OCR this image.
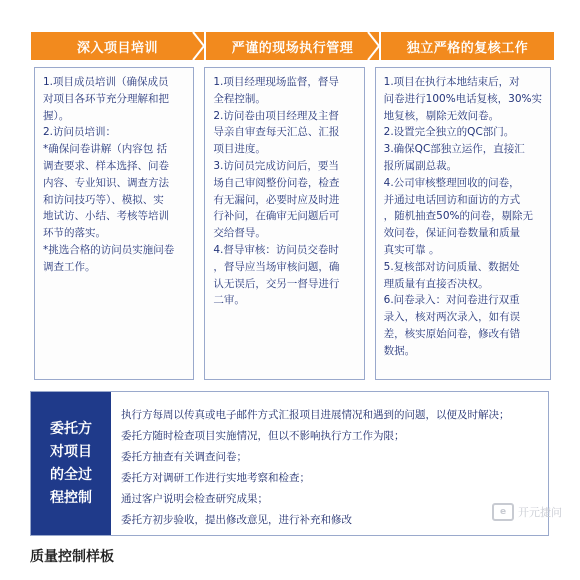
深入项目培训	严谨的现场执行管理	独立严格的复核工作
1.项目成员培训（确保成员
对项目各环节充分理解和把
握）。
2.访问员培训：
*确保问卷讲解（内容包 括
调查要求、样本选择、问卷
内容、专业知识、调查方法
和访问技巧等）、模拟、实
地试访、小结、考核等培训
环节的落实。
*挑选合格的访问员实施问卷
调查工作。
1.项目经理现场监督，督导
全程控制。
2.访问卷由项目经理及主督
导亲自审查每天汇总、汇报
项目进度。
3.访问员完成访问后，要当
场自己审阅整份问卷，检查
有无漏问，必要时应及时进
行补问，在确审无问题后可
交给督导。
4.督导审核：访问员交卷时
，督导应当场审核问题，确
认无误后，交另一督导进行
二审。
1.项目在执行本地结束后，对
问卷进行100%电话复核，30%实
地复核，剔除无效问卷。
2.设置完全独立的QC部门。
3.确保QC部独立运作，直接汇
报所属副总裁。
4.公司审核整理回收的问卷，
并通过电话回访和面访的方式
，随机抽查50%的问卷，剔除无
效问卷，保证问卷数量和质量
真实可靠 。
5.复核部对访问质量、数据处
理质量有直接否决权。
6.问卷录入：对问卷进行双重
录入，核对两次录入，如有误
差，核实原始问卷，修改有错
数据。
委托方
对项目
的全过
程控制
执行方每周以传真或电子邮件方式汇报项目进展情况和遇到的问题，以便及时解决；
委托方随时检查项目实施情况，但以不影响执行方工作为限；
委托方抽查有关调查问卷；
委托方对调研工作进行实地考察和检查；
通过客户说明会检查研究成果；
委托方初步验收，提出修改意见，进行补充和修改
e	开元捷问
质量控制样板
